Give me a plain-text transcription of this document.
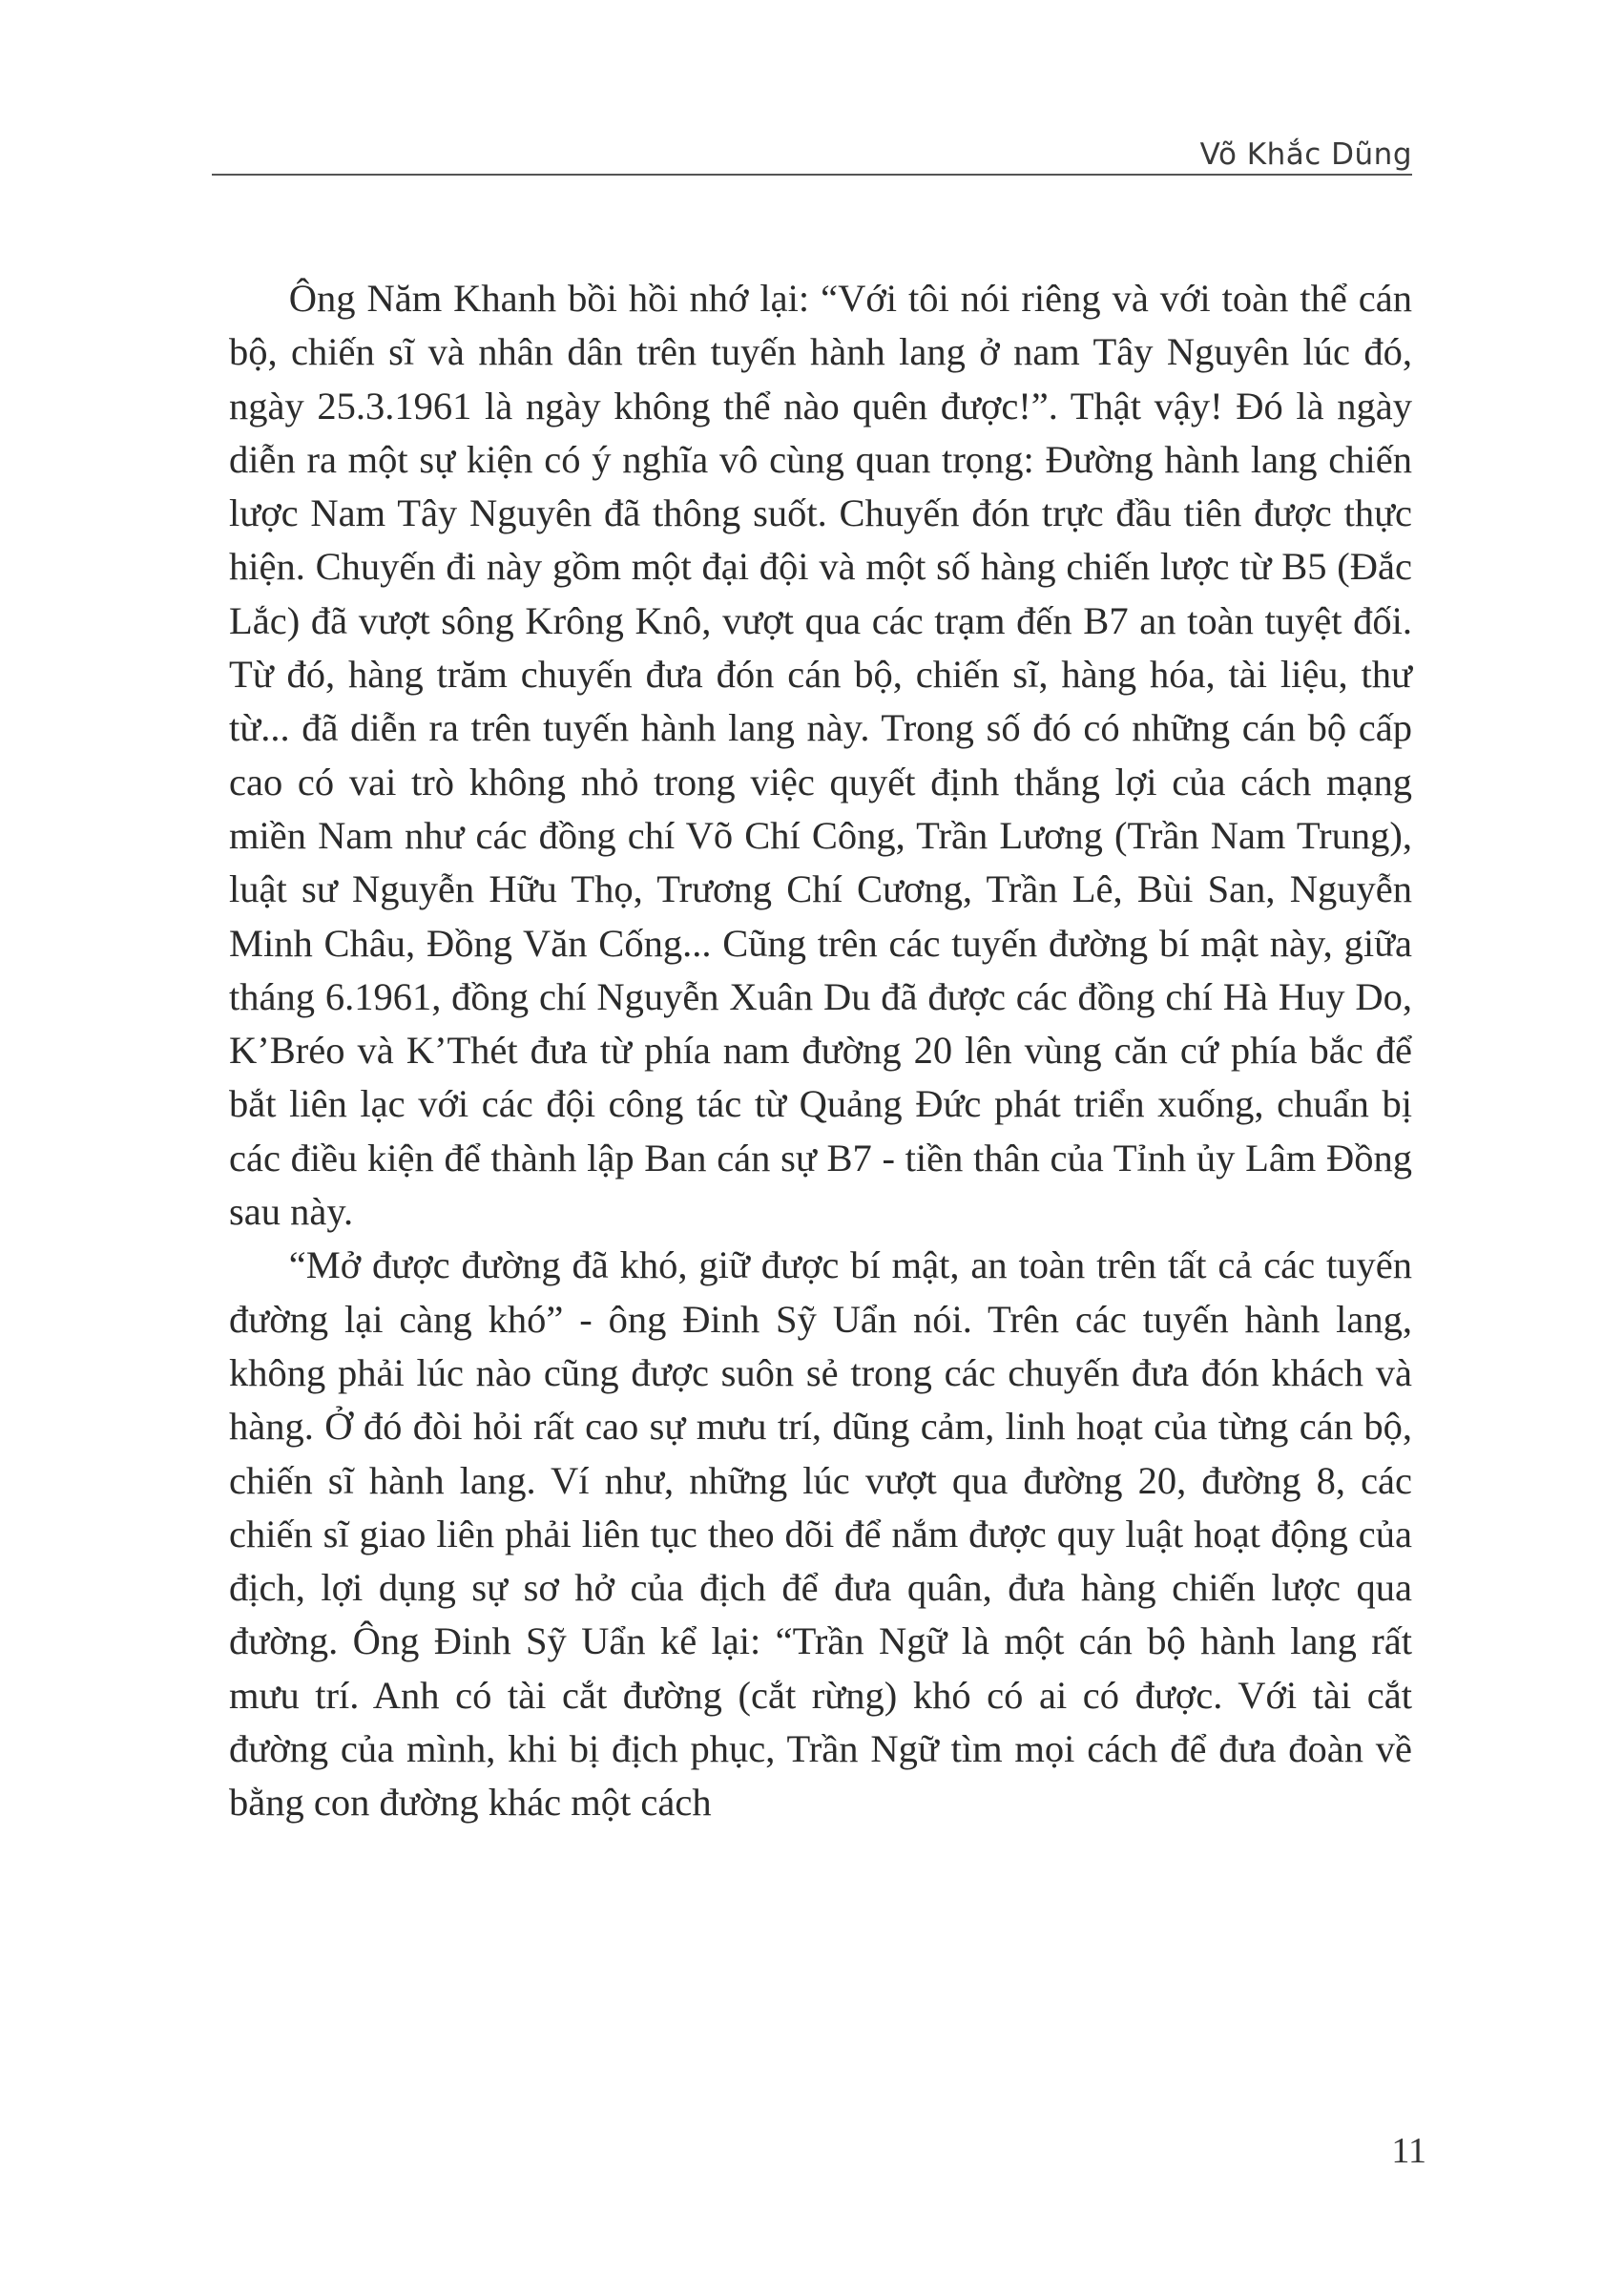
Võ Khắc Dũng

Ông Năm Khanh bồi hồi nhớ lại: “Với tôi nói riêng và với toàn thể cán bộ, chiến sĩ và nhân dân trên tuyến hành lang ở nam Tây Nguyên lúc đó, ngày 25.3.1961 là ngày không thể nào quên được!”. Thật vậy! Đó là ngày diễn ra một sự kiện có ý nghĩa vô cùng quan trọng: Đường hành lang chiến lược Nam Tây Nguyên đã thông suốt. Chuyến đón trực đầu tiên được thực hiện. Chuyến đi này gồm một đại đội và một số hàng chiến lược từ B5 (Đắc Lắc) đã vượt sông Krông Knô, vượt qua các trạm đến B7 an toàn tuyệt đối. Từ đó, hàng trăm chuyến đưa đón cán bộ, chiến sĩ, hàng hóa, tài liệu, thư từ... đã diễn ra trên tuyến hành lang này. Trong số đó có những cán bộ cấp cao có vai trò không nhỏ trong việc quyết định thắng lợi của cách mạng miền Nam như các đồng chí Võ Chí Công, Trần Lương (Trần Nam Trung), luật sư Nguyễn Hữu Thọ, Trương Chí Cương, Trần Lê, Bùi San, Nguyễn Minh Châu, Đồng Văn Cống... Cũng trên các tuyến đường bí mật này, giữa tháng 6.1961, đồng chí Nguyễn Xuân Du đã được các đồng chí Hà Huy Do, K’Bréo và K’Thét đưa từ phía nam đường 20 lên vùng căn cứ phía bắc để bắt liên lạc với các đội công tác từ Quảng Đức phát triển xuống, chuẩn bị các điều kiện để thành lập Ban cán sự B7 - tiền thân của Tỉnh ủy Lâm Đồng sau này.

“Mở được đường đã khó, giữ được bí mật, an toàn trên tất cả các tuyến đường lại càng khó” - ông Đinh Sỹ Uẩn nói. Trên các tuyến hành lang, không phải lúc nào cũng được suôn sẻ trong các chuyến đưa đón khách và hàng. Ở đó đòi hỏi rất cao sự mưu trí, dũng cảm, linh hoạt của từng cán bộ, chiến sĩ hành lang. Ví như, những lúc vượt qua đường 20, đường 8, các chiến sĩ giao liên phải liên tục theo dõi để nắm được quy luật hoạt động của địch, lợi dụng sự sơ hở của địch để đưa quân, đưa hàng chiến lược qua đường. Ông Đinh Sỹ Uẩn kể lại: “Trần Ngữ là một cán bộ hành lang rất mưu trí. Anh có tài cắt đường (cắt rừng) khó có ai có được. Với tài cắt đường của mình, khi bị địch phục, Trần Ngữ tìm mọi cách để đưa đoàn về bằng con đường khác một cách

11
